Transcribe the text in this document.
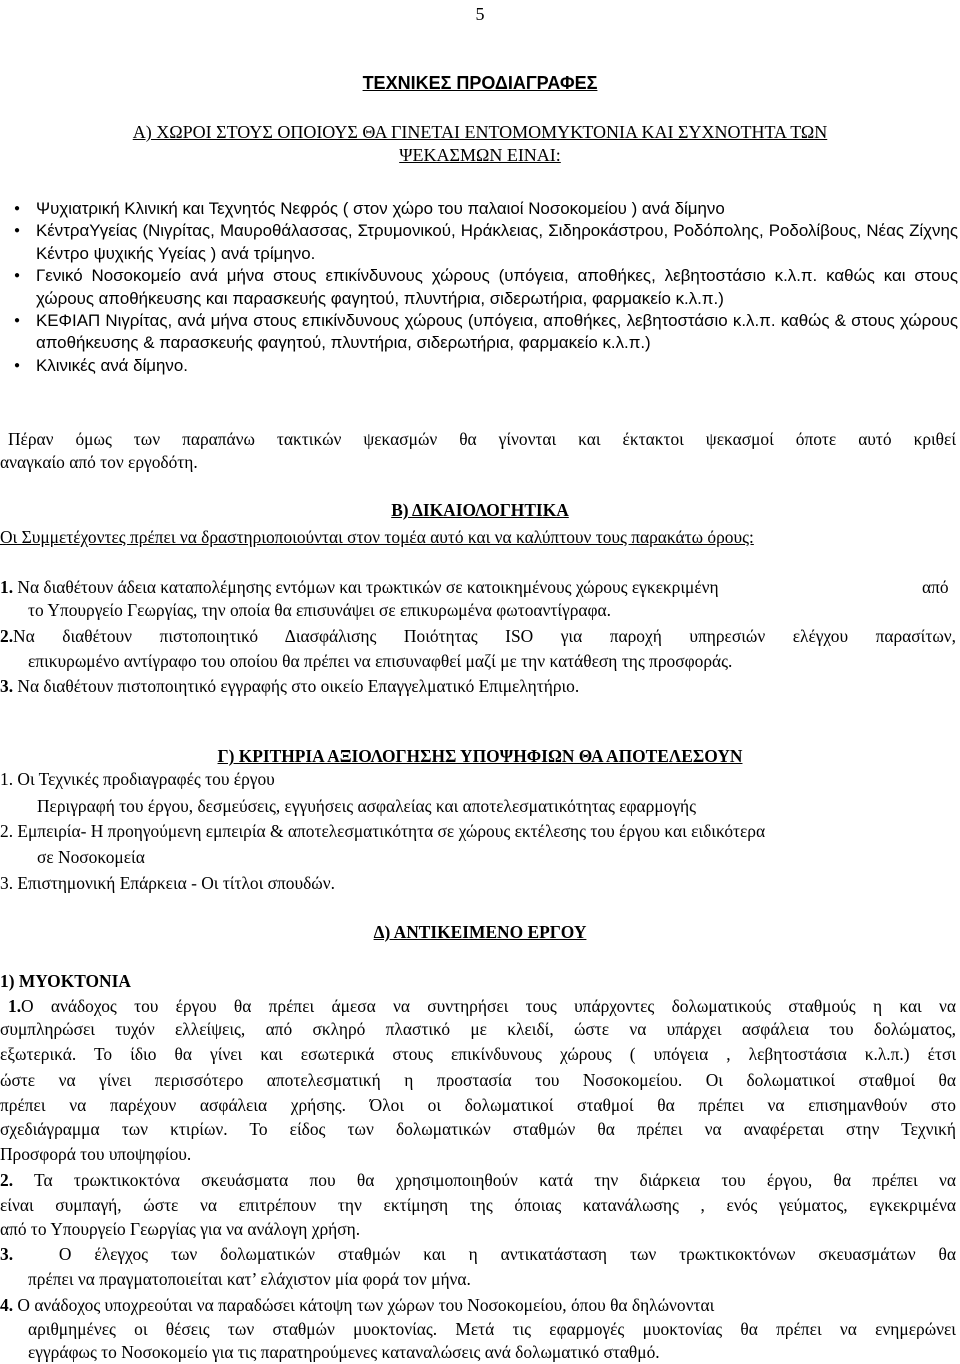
5
ΤΕΧΝΙΚΕΣ ΠΡΟΔΙΑΓΡΑΦΕΣ
Α) ΧΩΡΟΙ ΣΤΟΥΣ ΟΠΟΙΟΥΣ ΘΑ ΓΙΝΕΤΑΙ ΕΝΤΟΜΟΜΥΚΤΟΝΙΑ ΚΑΙ ΣΥΧΝΟΤΗΤΑ ΤΩΝ
ΨΕΚΑΣΜΩΝ ΕΙΝΑΙ:
● Ψυχιατρική Κλινική και Τεχνητός Νεφρός ( στον χώρο του παλαιοί Νοσοκομείου ) ανά δίμηνο
● ΚέντραΥγείας (Νιγρίτας, Μαυροθάλασσας, Στρυμονικού, Ηράκλειας, Σιδηροκάστρου, Ροδόπολης, Ροδολίβους, Νέας Ζίχνης Κέντρο ψυχικής Υγείας ) ανά τρίμηνο.
● Γενικό Νοσοκομείο ανά μήνα στους επικίνδυνους χώρους (υπόγεια, αποθήκες, λεβητοστάσιο κ.λ.π. καθώς και στους χώρους αποθήκευσης και παρασκευής φαγητού, πλυντήρια, σιδερωτήρια, φαρμακείο κ.λ.π.)
● ΚΕΦΙΑΠ Νιγρίτας, ανά μήνα στους επικίνδυνους χώρους (υπόγεια, αποθήκες, λεβητοστάσιο κ.λ.π. καθώς & στους χώρους αποθήκευσης & παρασκευής φαγητού, πλυντήρια, σιδερωτήρια, φαρμακείο κ.λ.π.)
● Κλινικές ανά δίμηνο.
Πέραν όμως των παραπάνω τακτικών ψεκασμών θα γίνονται και έκτακτοι ψεκασμοί όποτε αυτό κριθεί
αναγκαίο από τον εργοδότη.
Β) ΔΙΚΑΙΟΛΟΓΗΤΙΚΑ
Οι Συμμετέχοντες πρέπει να δραστηριοποιούνται στον τομέα αυτό και να καλύπτουν τους παρακάτω όρους:
1. Να διαθέτουν άδεια καταπολέμησης εντόμων και τρωκτικών σε κατοικημένους χώρους εγκεκριμένη	από
το Υπουργείο Γεωργίας, την οποία θα επισυνάψει σε επικυρωμένα φωτοαντίγραφα.
2.Να διαθέτουν πιστοποιητικό Διασφάλισης Ποιότητας ISO για παροχή υπηρεσιών ελέγχου παρασίτων,
επικυρωμένο αντίγραφο του οποίου θα πρέπει να επισυναφθεί μαζί με την κατάθεση της προσφοράς.
3. Να διαθέτουν πιστοποιητικό εγγραφής στο οικείο Επαγγελματικό Επιμελητήριο.
Γ) ΚΡΙΤΗΡΙΑ ΑΞΙΟΛΟΓΗΣΗΣ ΥΠΟΨΗΦΙΩΝ ΘΑ ΑΠΟΤΕΛΕΣΟΥΝ
1. Οι Τεχνικές προδιαγραφές του έργου
Περιγραφή του έργου, δεσμεύσεις, εγγυήσεις ασφαλείας και αποτελεσματικότητας εφαρμογής
2. Εμπειρία- Η προηγούμενη εμπειρία & αποτελεσματικότητα σε χώρους εκτέλεσης του έργου και ειδικότερα
σε Νοσοκομεία
3. Επιστημονική Επάρκεια - Οι τίτλοι σπουδών.
Δ) ΑΝΤΙΚΕΙΜΕΝΟ ΕΡΓΟΥ
1) ΜΥΟΚΤΟΝΙΑ
1.Ο ανάδοχος του έργου θα πρέπει άμεσα να συντηρήσει τους υπάρχοντες δολωματικούς σταθμούς η και να
συμπληρώσει τυχόν ελλείψεις, από σκληρό πλαστικό με κλειδί, ώστε να υπάρχει ασφάλεια του δολώματος,
εξωτερικά. Το ίδιο θα γίνει και εσωτερικά στους επικίνδυνους χώρους ( υπόγεια , λεβητοστάσια κ.λ.π.) έτσι
ώστε να γίνει περισσότερο αποτελεσματική η προστασία του Νοσοκομείου. Οι δολωματικοί σταθμοί θα
πρέπει να παρέχουν ασφάλεια χρήσης. Όλοι οι δολωματικοί σταθμοί θα πρέπει να επισημανθούν στο
σχεδιάγραμμα των κτιρίων. Το είδος των δολωματικών σταθμών θα πρέπει να αναφέρεται στην Τεχνική
Προσφορά του υποψηφίου.
2. Τα τρωκτικοκτόνα σκευάσματα που θα χρησιμοποιηθούν κατά την διάρκεια του έργου, θα πρέπει να
είναι συμπαγή, ώστε να επιτρέπουν την εκτίμηση της όποιας κατανάλωσης , ενός γεύματος, εγκεκριμένα
από το Υπουργείο Γεωργίας για να ανάλογη χρήση.
3.	Ο έλεγχος των δολωματικών σταθμών και η αντικατάσταση των τρωκτικοκτόνων σκευασμάτων θα
πρέπει να πραγματοποιείται κατ’ ελάχιστον μία φορά τον μήνα.
4. Ο ανάδοχος υποχρεούται να παραδώσει κάτοψη των χώρων του Νοσοκομείου, όπου θα δηλώνονται
αριθμημένες οι θέσεις των σταθμών μυοκτονίας. Μετά τις εφαρμογές μυοκτονίας θα πρέπει να ενημερώνει
εγγράφως το Νοσοκομείο για τις παρατηρούμενες καταναλώσεις ανά δολωματικό σταθμό.
